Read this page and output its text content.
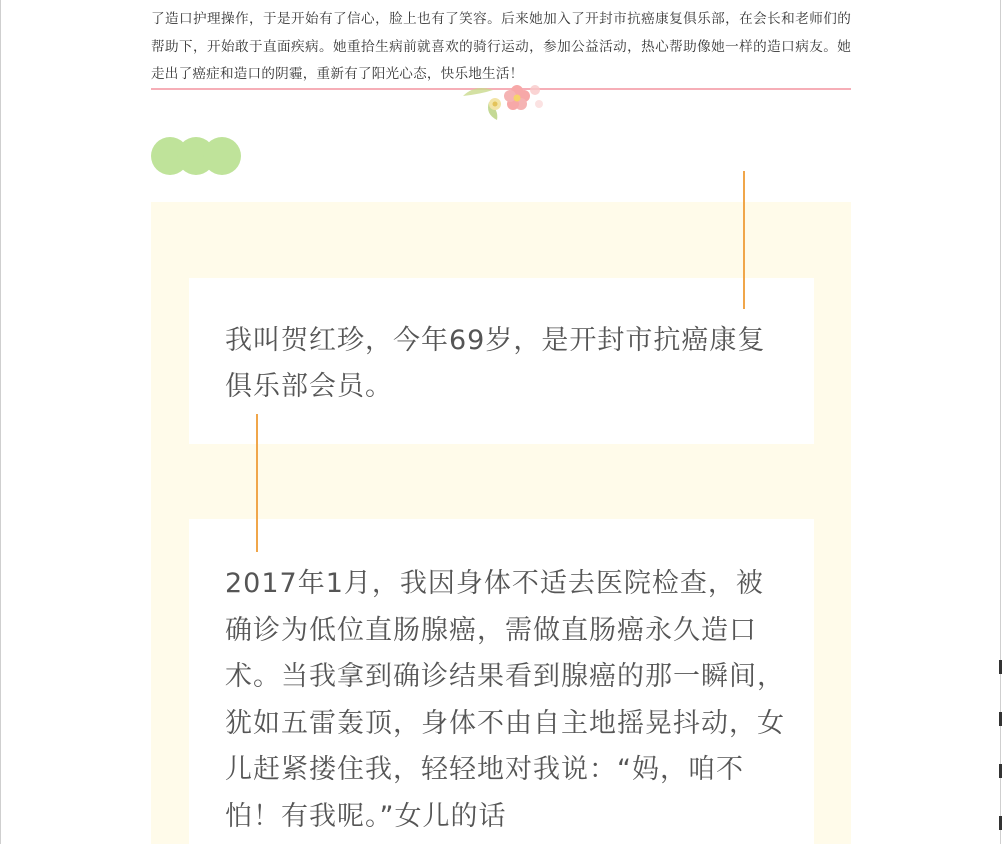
了造口护理操作，于是开始有了信心，脸上也有了笑容。后来她加入了开封市抗癌康复俱乐部，在会长和老师们的帮助下，开始敢于直面疾病。她重拾生病前就喜欢的骑行运动，参加公益活动，热心帮助像她一样的造口病友。她走出了癌症和造口的阴霾，重新有了阳光心态，快乐地生活！

我叫贺红珍，今年69岁，是开封市抗癌康复俱乐部会员。

2017年1月，我因身体不适去医院检查，被确诊为低位直肠腺癌，需做直肠癌永久造口术。当我拿到确诊结果看到腺癌的那一瞬间，犹如五雷轰顶，身体不由自主地摇晃抖动，女儿赶紧搂住我，轻轻地对我说：“妈，咱不怕！有我呢。”女儿的话
